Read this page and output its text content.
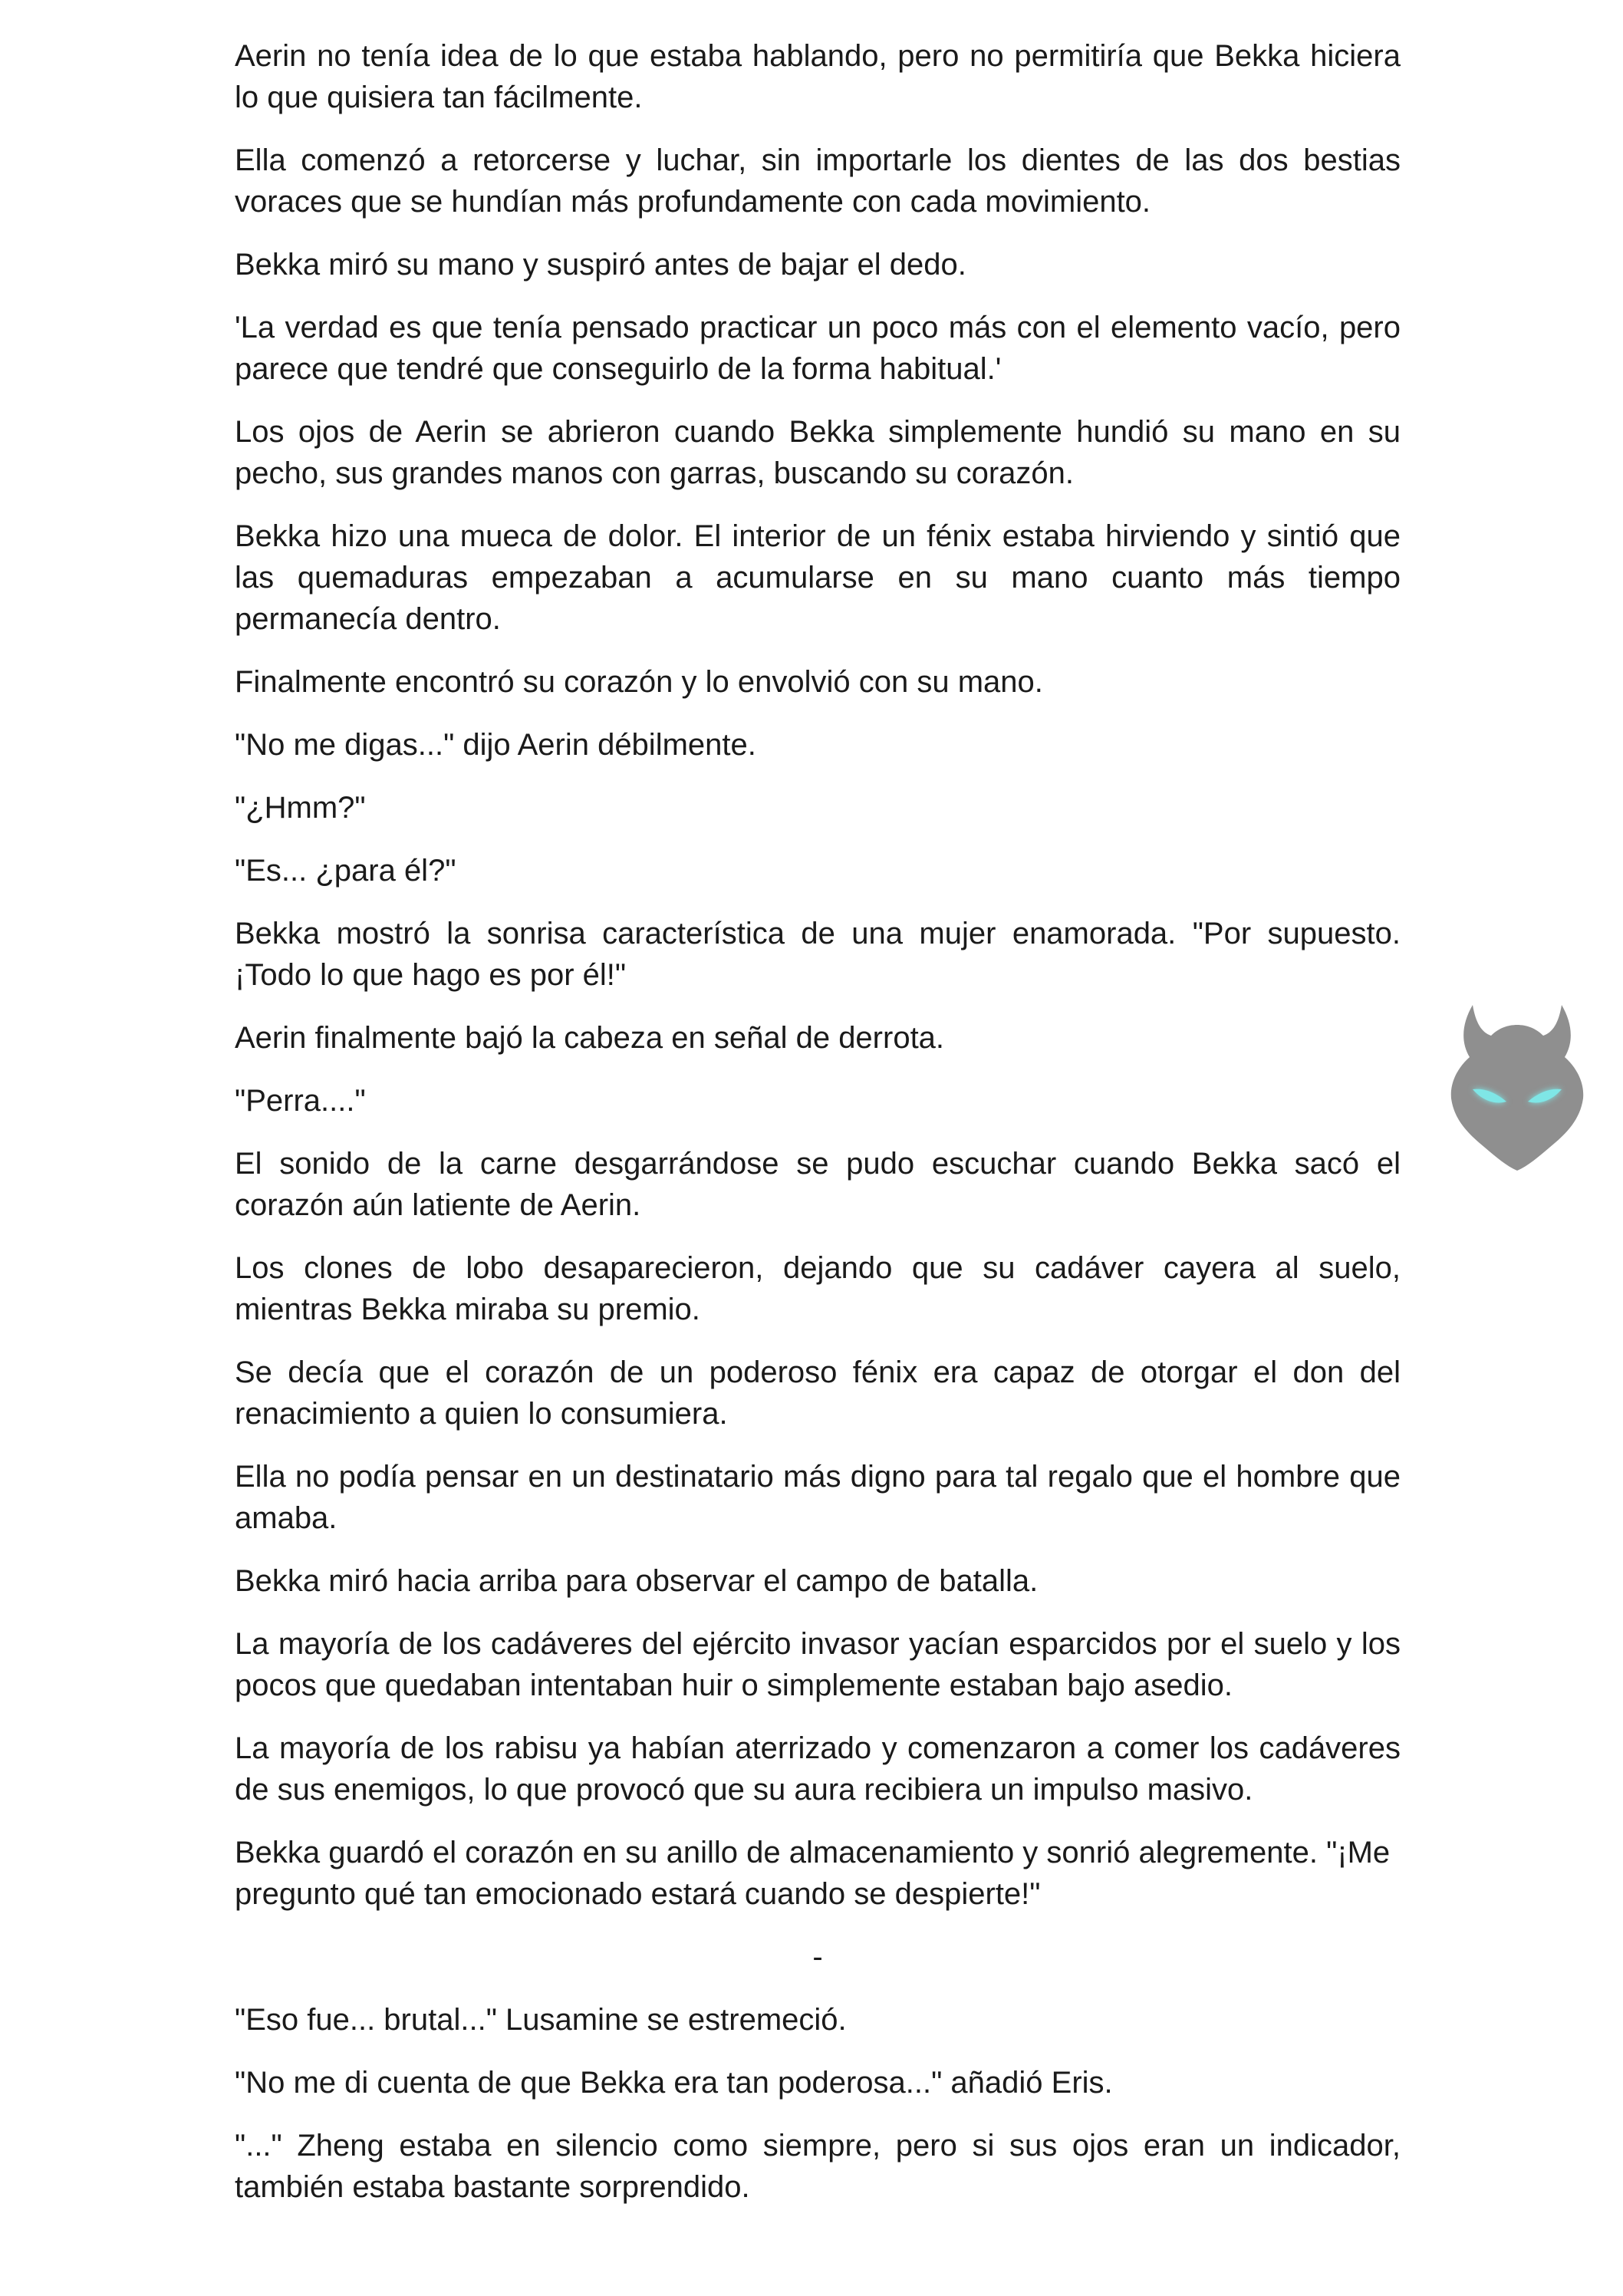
Aerin no tenía idea de lo que estaba hablando, pero no permitiría que Bekka hiciera lo que quisiera tan fácilmente.

Ella comenzó a retorcerse y luchar, sin importarle los dientes de las dos bestias voraces que se hundían más profundamente con cada movimiento.

Bekka miró su mano y suspiró antes de bajar el dedo.

'La verdad es que tenía pensado practicar un poco más con el elemento vacío, pero parece que tendré que conseguirlo de la forma habitual.'

Los ojos de Aerin se abrieron cuando Bekka simplemente hundió su mano en su pecho, sus grandes manos con garras, buscando su corazón.

Bekka hizo una mueca de dolor. El interior de un fénix estaba hirviendo y sintió que las quemaduras empezaban a acumularse en su mano cuanto más tiempo permanecía dentro.

Finalmente encontró su corazón y lo envolvió con su mano.

"No me digas..." dijo Aerin débilmente.

"¿Hmm?"

"Es... ¿para él?"

Bekka mostró la sonrisa característica de una mujer enamorada. "Por supuesto. ¡Todo lo que hago es por él!"

Aerin finalmente bajó la cabeza en señal de derrota.

"Perra...."

El sonido de la carne desgarrándose se pudo escuchar cuando Bekka sacó el corazón aún latiente de Aerin.

Los clones de lobo desaparecieron, dejando que su cadáver cayera al suelo, mientras Bekka miraba su premio.

Se decía que el corazón de un poderoso fénix era capaz de otorgar el don del renacimiento a quien lo consumiera.

Ella no podía pensar en un destinatario más digno para tal regalo que el hombre que amaba.

Bekka miró hacia arriba para observar el campo de batalla.

La mayoría de los cadáveres del ejército invasor yacían esparcidos por el suelo y los pocos que quedaban intentaban huir o simplemente estaban bajo asedio.

La mayoría de los rabisu ya habían aterrizado y comenzaron a comer los cadáveres de sus enemigos, lo que provocó que su aura recibiera un impulso masivo.

Bekka guardó el corazón en su anillo de almacenamiento y sonrió alegremente. "¡Me pregunto qué tan emocionado estará cuando se despierte!"

-

"Eso fue... brutal..." Lusamine se estremeció.

"No me di cuenta de que Bekka era tan poderosa..." añadió Eris.

"..." Zheng estaba en silencio como siempre, pero si sus ojos eran un indicador, también estaba bastante sorprendido.
